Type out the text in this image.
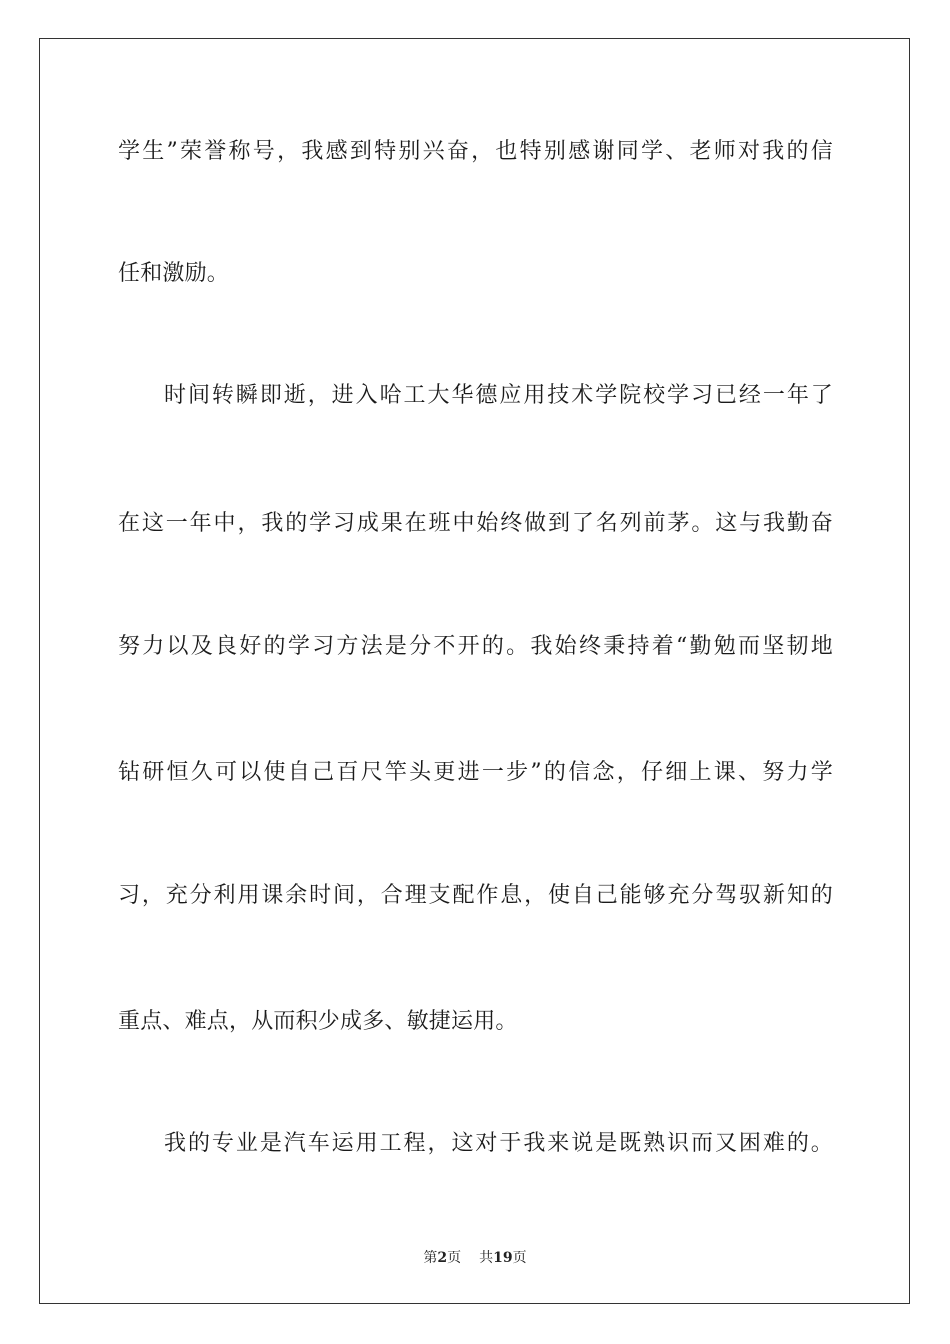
学生”荣誉称号，我感到特别兴奋，也特别感谢同学、老师对我的信
任和激励。
时间转瞬即逝，进入哈工大华德应用技术学院校学习已经一年了
在这一年中，我的学习成果在班中始终做到了名列前茅。这与我勤奋
努力以及良好的学习方法是分不开的。我始终秉持着“勤勉而坚韧地
钻研恒久可以使自己百尺竿头更进一步”的信念，仔细上课、努力学
习，充分利用课余时间，合理支配作息，使自己能够充分驾驭新知的
重点、难点，从而积少成多、敏捷运用。
我的专业是汽车运用工程，这对于我来说是既熟识而又困难的。
第2页 共19页
